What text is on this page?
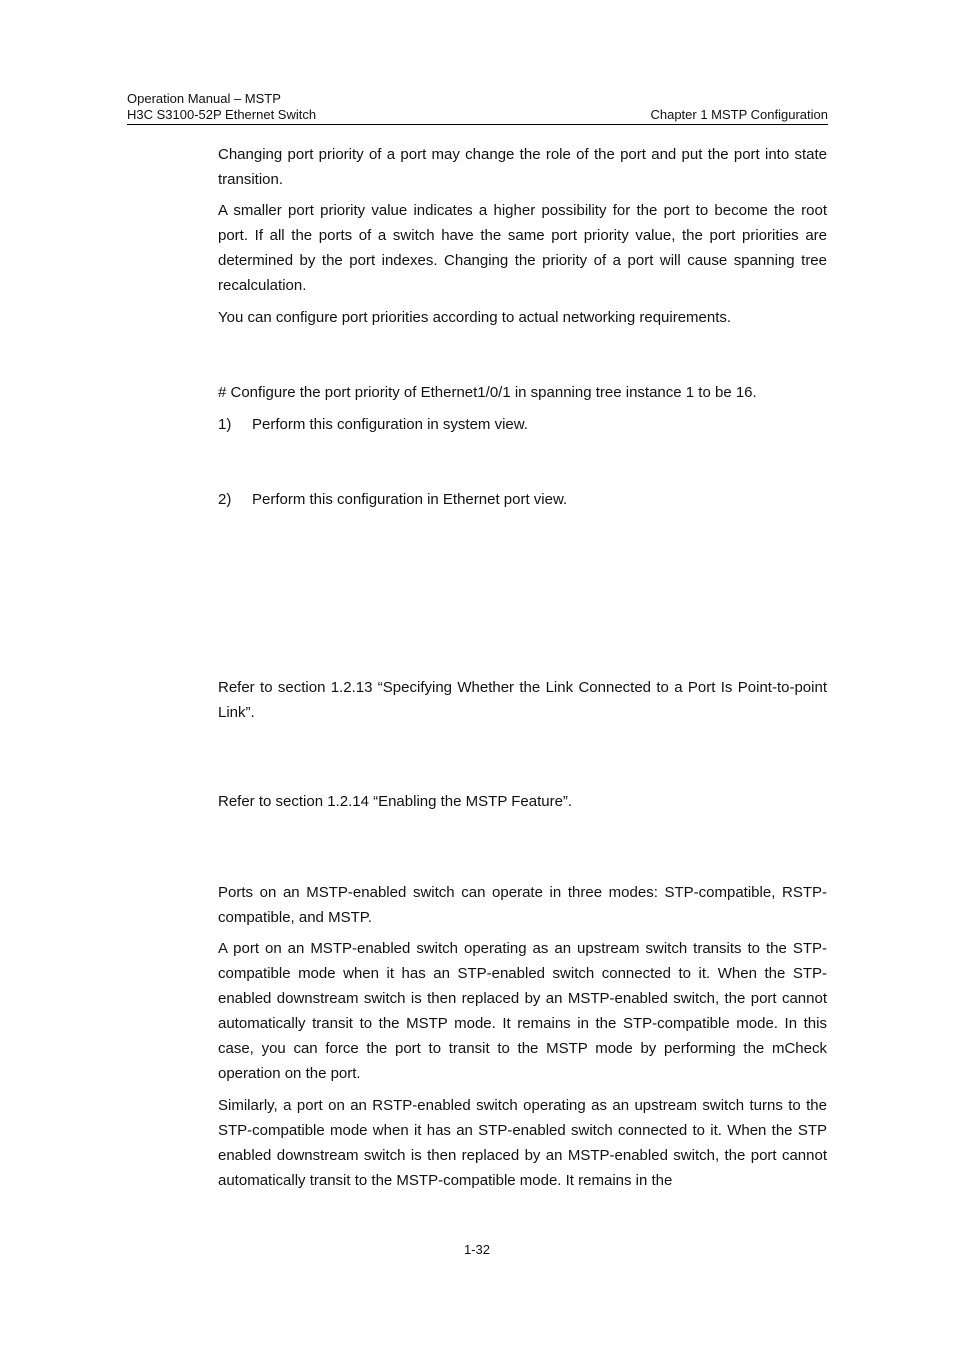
Operation Manual – MSTP
H3C S3100-52P Ethernet Switch	Chapter 1 MSTP Configuration

Changing port priority of a port may change the role of the port and put the port into state transition.

A smaller port priority value indicates a higher possibility for the port to become the root port. If all the ports of a switch have the same port priority value, the port priorities are determined by the port indexes. Changing the priority of a port will cause spanning tree recalculation.

You can configure port priorities according to actual networking requirements.

# Configure the port priority of Ethernet1/0/1 in spanning tree instance 1 to be 16.

1) Perform this configuration in system view.
2) Perform this configuration in Ethernet port view.

Refer to section 1.2.13 “Specifying Whether the Link Connected to a Port Is Point-to-point Link”.

Refer to section 1.2.14 “Enabling the MSTP Feature”.

Ports on an MSTP-enabled switch can operate in three modes: STP-compatible, RSTP-compatible, and MSTP.

A port on an MSTP-enabled switch operating as an upstream switch transits to the STP-compatible mode when it has an STP-enabled switch connected to it. When the STP-enabled downstream switch is then replaced by an MSTP-enabled switch, the port cannot automatically transit to the MSTP mode. It remains in the STP-compatible mode. In this case, you can force the port to transit to the MSTP mode by performing the mCheck operation on the port.

Similarly, a port on an RSTP-enabled switch operating as an upstream switch turns to the STP-compatible mode when it has an STP-enabled switch connected to it. When the STP enabled downstream switch is then replaced by an MSTP-enabled switch, the port cannot automatically transit to the MSTP-compatible mode. It remains in the

1-32
